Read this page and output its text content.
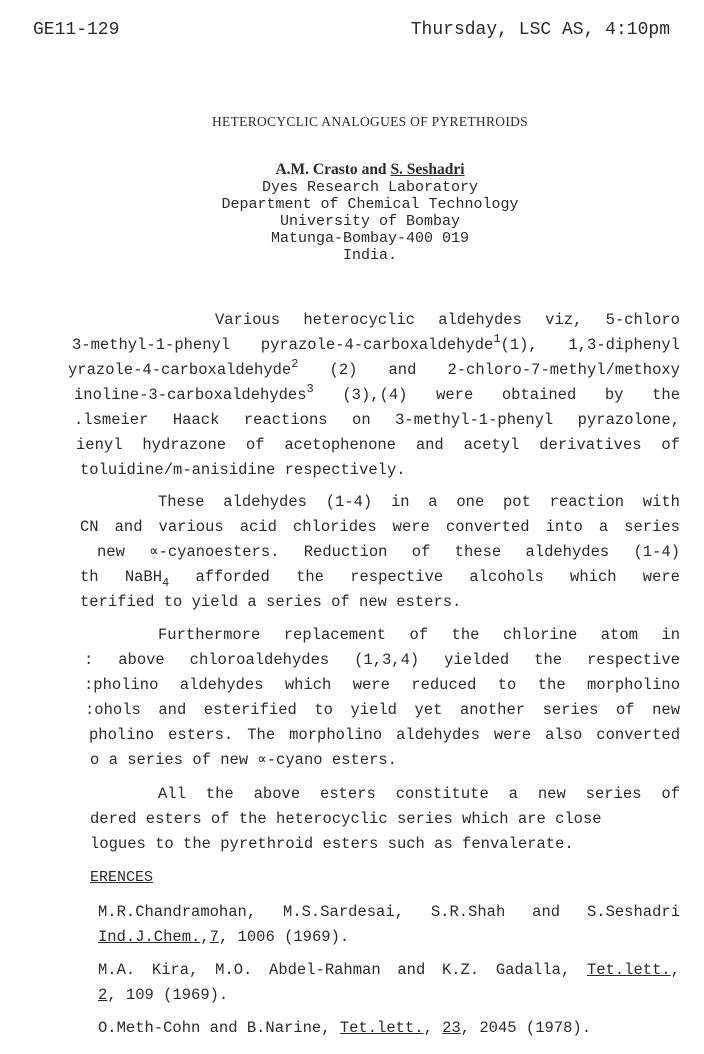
GE11-129	Thursday, LSC AS, 4:10pm
HETEROCYCLIC ANALOGUES OF PYRETHROIDS
A.M. Crasto and S. Seshadri
Dyes Research Laboratory
Department of Chemical Technology
University of Bombay
Matunga-Bombay-400 019
India.
Various heterocyclic aldehydes viz, 5-chloro
3-methyl-1-phenyl pyrazole-4-carboxaldehyde$^1$(1), 1,3-diphenyl
yrazole-4-carboxaldehyde$^2$ (2) and 2-chloro-7-methyl/methoxy
inoline-3-carboxaldehydes$^3$ (3),(4) were obtained by the
.lsmeier Haack reactions on 3-methyl-1-phenyl pyrazolone,
ienyl hydrazone of acetophenone and acetyl derivatives of
toluidine/m-anisidine respectively.
These aldehydes (1-4) in a one pot reaction with
CN and various acid chlorides were converted into a series
new ∝-cyanoesters. Reduction of these aldehydes (1-4)
th NaBH$_4$ afforded the respective alcohols which were
terified to yield a series of new esters.
Furthermore replacement of the chlorine atom in
: above chloroaldehydes (1,3,4) yielded the respective
:pholino aldehydes which were reduced to the morpholino
:ohols and esterified to yield yet another series of new
pholino esters. The morpholino aldehydes were also converted
o a series of new ∝-cyano esters.
All the above esters constitute a new series of
dered esters of the heterocyclic series which are close
logues to the pyrethroid esters such as fenvalerate.
ERENCES
M.R.Chandramohan, M.S.Sardesai, S.R.Shah and S.Seshadri
Ind.J.Chem.,7, 1006 (1969).
M.A. Kira, M.O. Abdel-Rahman and K.Z. Gadalla, Tet.lett.,
2, 109 (1969).
O.Meth-Cohn and B.Narine, Tet.lett., 23, 2045 (1978).
